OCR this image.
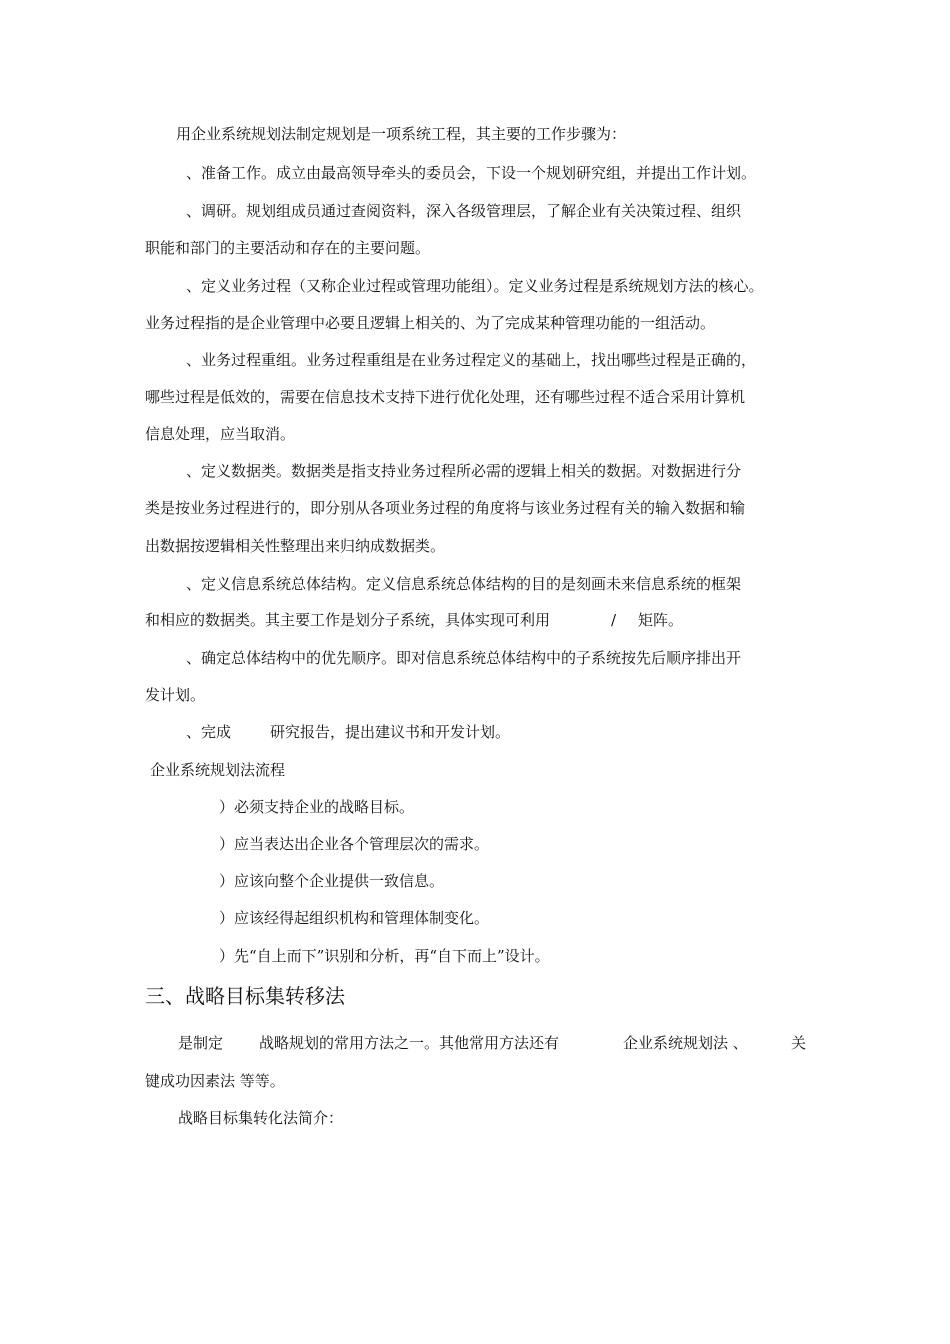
用企业系统规划法制定规划是一项系统工程，其主要的工作步骤为：
、准备工作。成立由最高领导牵头的委员会，下设一个规划研究组，并提出工作计划。
、调研。规划组成员通过查阅资料，深入各级管理层，了解企业有关决策过程、组织
职能和部门的主要活动和存在的主要问题。
、定义业务过程（又称企业过程或管理功能组）。定义业务过程是系统规划方法的核心。
业务过程指的是企业管理中必要且逻辑上相关的、为了完成某种管理功能的一组活动。
、业务过程重组。业务过程重组是在业务过程定义的基础上，找出哪些过程是正确的，
哪些过程是低效的，需要在信息技术支持下进行优化处理，还有哪些过程不适合采用计算机
信息处理，应当取消。
、定义数据类。数据类是指支持业务过程所必需的逻辑上相关的数据。对数据进行分
类是按业务过程进行的，即分别从各项业务过程的角度将与该业务过程有关的输入数据和输
出数据按逻辑相关性整理出来归纳成数据类。
、定义信息系统总体结构。定义信息系统总体结构的目的是刻画未来信息系统的框架
和相应的数据类。其主要工作是划分子系统，具体实现可利用	/ 矩阵。
、确定总体结构中的优先顺序。即对信息系统总体结构中的子系统按先后顺序排出开
发计划。
、完成	研究报告，提出建议书和开发计划。
企业系统规划法流程
）必须支持企业的战略目标。
）应当表达出企业各个管理层次的需求。
）应该向整个企业提供一致信息。
）应该经得起组织机构和管理体制变化。
）先“自上而下”识别和分析，再“自下而上”设计。
三、战略目标集转移法
是制定 战略规划的常用方法之一。其他常用方法还有	企业系统规划法 、	关
键成功因素法 等等。
战略目标集转化法简介：
